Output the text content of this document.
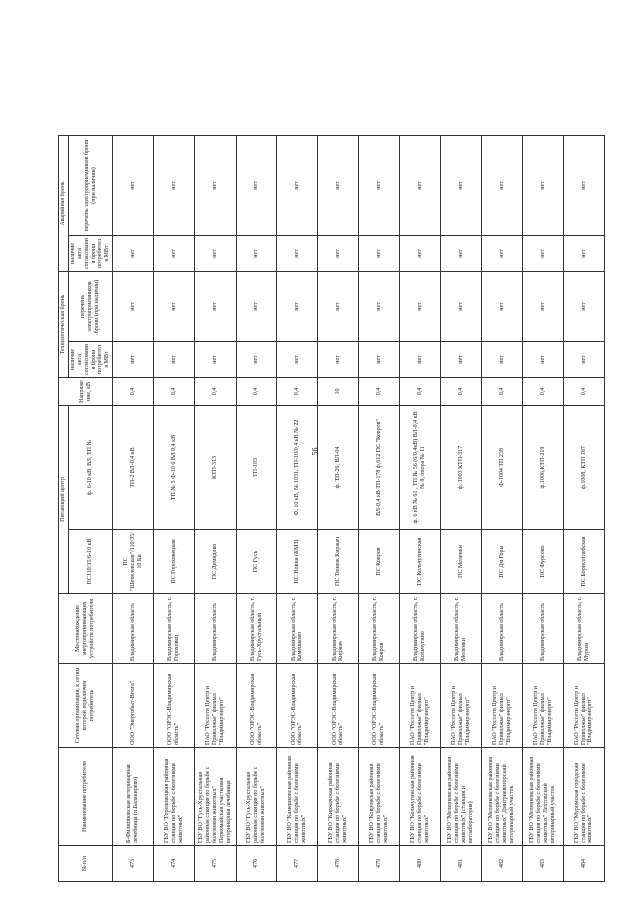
56
№ п/п	Наименование потребителя	Сетевая организация, к сетям которой подключен потребитель	Местонахождение энергопринимающих устройств потребителя	Питающий центр		Напряжение, кВ	Технологическая бронь		Аварийная бронь	
				ПС110/35/6-10 кВ	ф. 6-10 кВ, ВЛ, ТП №		наличие акта согласования брони потребителя МВт	перечень электроприемников брони (при наличии)	наличие акта согласования брони потребителя МВт	перечень электроприемников брони (при наличии)
473	Б-Филипповская ветеринарная лечебница (п.Балакирево)	ООО "Энергобыт-Волга"	Владимирская область	ПС "Шепелевская"/110/35/10 Кв	ТП-2 ВЛ-0,4 кВ	0,4	нет	нет	нет	нет
474	ГБУ ВО "Гороховецкая районная станция по борьбе с болезнями животных"	ООО "ОРЭС-Владимирская область"	Владимирская область, г. Гороховец	ПС Гороховецкая	ТП № 5 Ф-10 6 ВЛ 0,4 кВ	0,4	нет	нет	нет	нет
475	ГБУ ВО "Гусь-Хрустальная районная станция по борьбе с болезнями животных" Первомайская участковая ветеринарная лечебница	ПАО "Россети Центр и Приволжье" филиал "Владимирэнерго"	Владимирская область	ПС Демидово	КТП-313	0,4	нет	нет	нет	нет
476	ГБУ ВО "Гусь-Хрустальная районная станция по борьбе с болезнями животных"	ООО "ОРЭС-Владимирская область"	Владимирская область, г. Гусь-Хрустальный	ПС Гусь	ТП-103	0,4	нет	нет	нет	нет
477	ГБУ ВО "Камешковская районная станция по борьбе с болезнями животных"	ООО "ОРЭС-Владимирская область"	Владимирская область, г. Камешково	ПС Новки (КМЗ)	Ф. 10 кВ, № 1031, ТП-10/0,4 кВ № 22	0,4	нет	нет	нет	нет
478	ГБУ ВО "Киржачская районная станция по борьбе с болезнями животных"	ООО "ОРЭС-Владимирская область"	Владимирская область, г. Киржач	ПС Тюнеж Киржач	ф. ТП-26, ВЛ-04	10	нет	нет	нет	нет
479	ГБУ ВО "Ковровская районная станция по борьбе с болезнями животных"	ООО "ОРЭС-Владимирская область"	Владимирская область, г. Ковров	ПС Ковров	ВЛ-0,4 кВ ТП-178 ф.612 ПС "Ковров"	0,4	нет	нет	нет	нет
480	ГБУ ВО "Кольчугинская районная станция по борьбе с болезнями животных"	ПАО "Россети Центр и Приволжье" филиал "Владимирэнерго"	Владимирская область, г. Кольчугино	ПС Кольчугинская	ф. 6 кВ № 61 , ТП № 56 (6/0,4кВ) ВЛ-0,4 кВ № 8, опора № 11	0,4	нет	нет	нет	нет
481	ГБУ ВО "Меленковская районная станция по борьбе с болезнями животных" (станция и ветлаборатория)	ПАО "Россети Центр и Приволжье" филиал "Владимирэнерго"	Владимирская область, г. Меленки	ПС Меленки	ф. 1003 КТП-317	0,4	нет	нет	нет	нет
482	ГБУ ВО "Меленковская районная станция по борьбе с болезнями животных" Дмитриевогорский ветеринарный участок	ПАО "Россети Центр и Приволжье" филиал "Владимирэнерго"	Владимирская область	ПС Дм Горы	Ф-1004 ТП 238	0,4	нет	нет	нет	нет
483	ГБУ ВО "Меленковская районная станция по борьбе с болезнями животных" Лехтовский ветеринарный участок	ПАО "Россети Центр и Приволжье" филиал "Владимирэнерго"	Владимирская область	ПС Фурсово	ф.1006,КТП-219	0,4	нет	нет	нет	нет
484	ГБУ ВО "Муромская городская станция по борьбе с болезнями животных"	ПАО "Россети Центр и Приволжье" филиал "Владимирэнерго"	Владимирская область, г. Муром	ПС Борисоглебская	ф.1008, КТП 187	0,4	нет	нет	нет	нет
